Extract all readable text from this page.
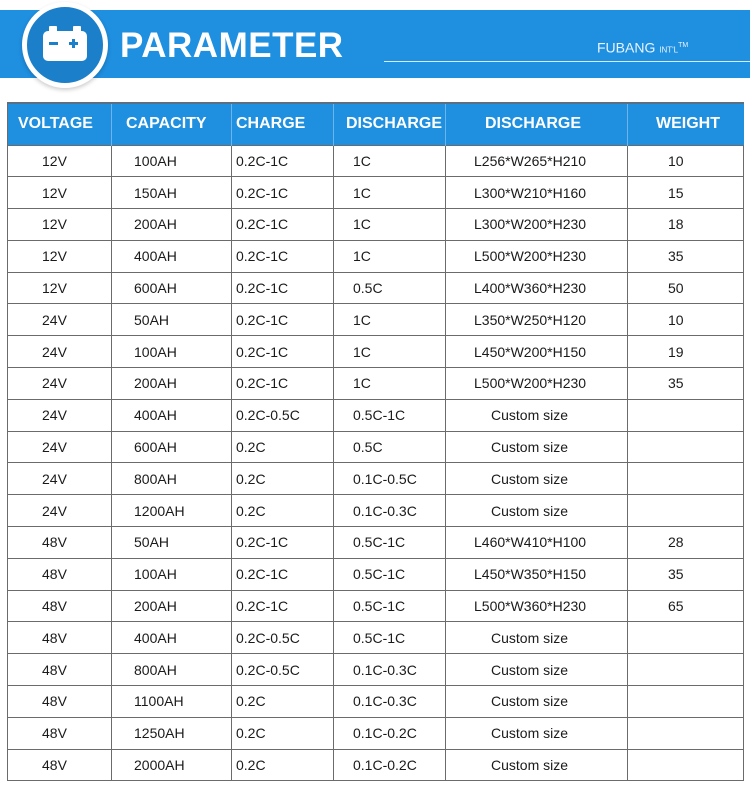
PARAMETER	FUBANG INT'L™
VOLTAGE	CAPACITY	CHARGE	DISCHARGE	DISCHARGE	WEIGHT
12V	100AH	0.2C-1C	1C	L256*W265*H210	10
12V	150AH	0.2C-1C	1C	L300*W210*H160	15
12V	200AH	0.2C-1C	1C	L300*W200*H230	18
12V	400AH	0.2C-1C	1C	L500*W200*H230	35
12V	600AH	0.2C-1C	0.5C	L400*W360*H230	50
24V	50AH	0.2C-1C	1C	L350*W250*H120	10
24V	100AH	0.2C-1C	1C	L450*W200*H150	19
24V	200AH	0.2C-1C	1C	L500*W200*H230	35
24V	400AH	0.2C-0.5C	0.5C-1C	Custom size	
24V	600AH	0.2C	0.5C	Custom size	
24V	800AH	0.2C	0.1C-0.5C	Custom size	
24V	1200AH	0.2C	0.1C-0.3C	Custom size	
48V	50AH	0.2C-1C	0.5C-1C	L460*W410*H100	28
48V	100AH	0.2C-1C	0.5C-1C	L450*W350*H150	35
48V	200AH	0.2C-1C	0.5C-1C	L500*W360*H230	65
48V	400AH	0.2C-0.5C	0.5C-1C	Custom size	
48V	800AH	0.2C-0.5C	0.1C-0.3C	Custom size	
48V	1100AH	0.2C	0.1C-0.3C	Custom size	
48V	1250AH	0.2C	0.1C-0.2C	Custom size	
48V	2000AH	0.2C	0.1C-0.2C	Custom size	
